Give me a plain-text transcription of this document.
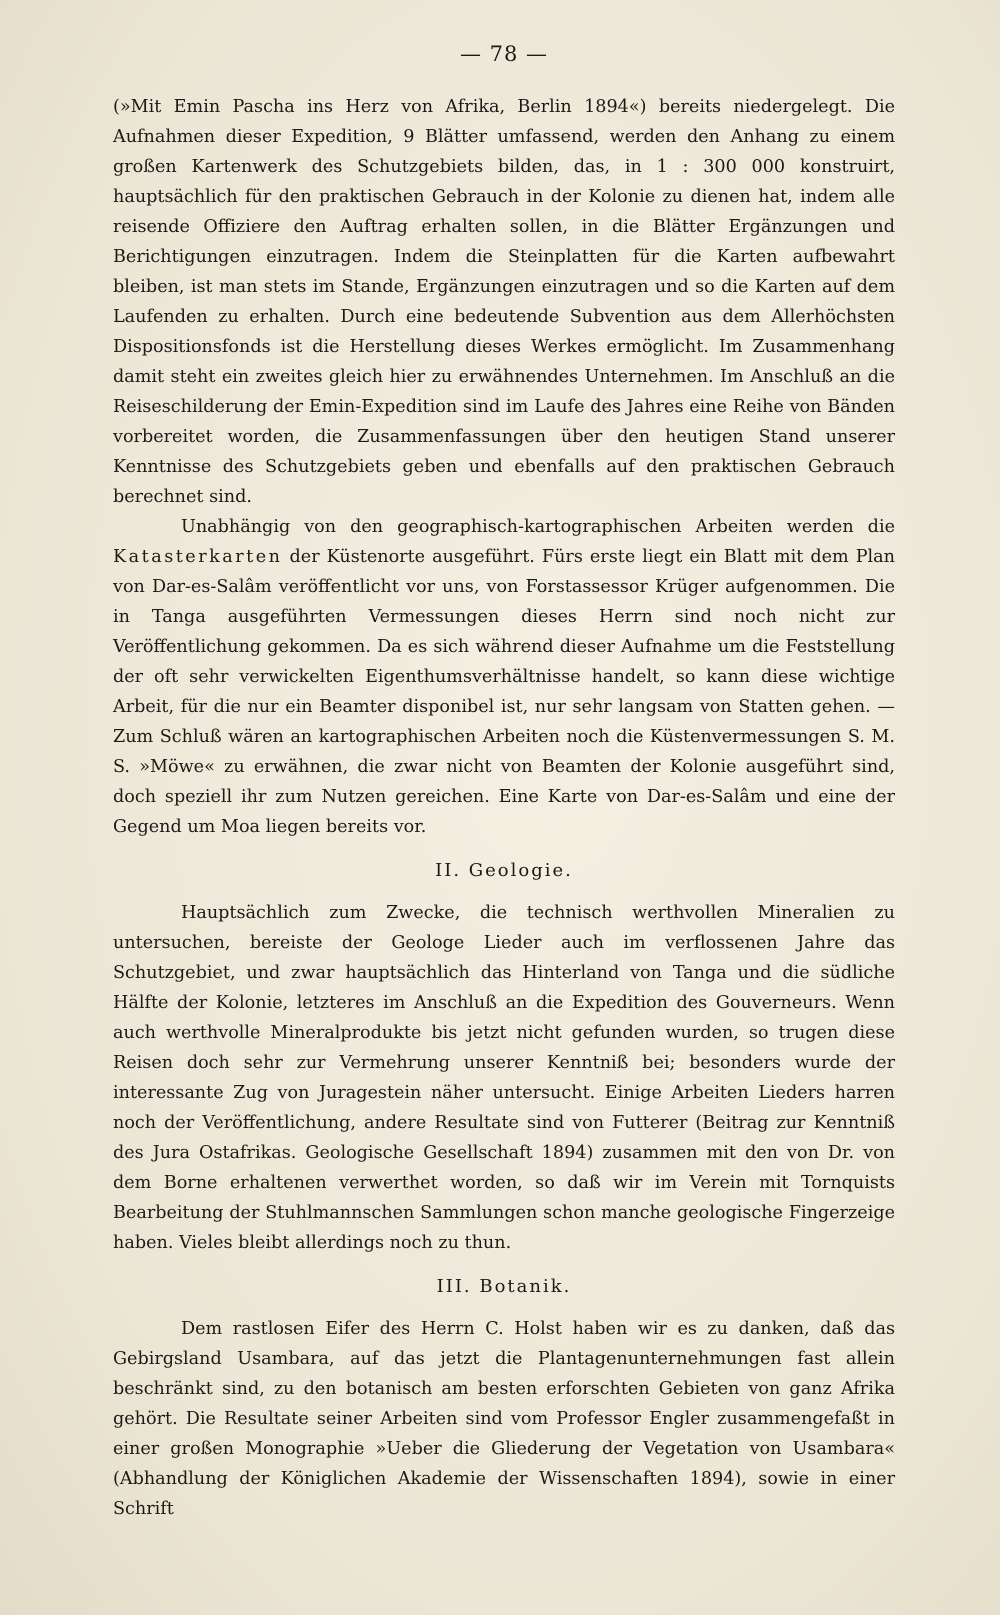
— 78 —

(»Mit Emin Pascha ins Herz von Afrika, Berlin 1894«) bereits niedergelegt. Die Aufnahmen dieser Expedition, 9 Blätter umfassend, werden den Anhang zu einem großen Kartenwerk des Schutzgebiets bilden, das, in 1 : 300 000 konstruirt, hauptsächlich für den praktischen Gebrauch in der Kolonie zu dienen hat, indem alle reisende Offiziere den Auftrag erhalten sollen, in die Blätter Ergänzungen und Berichtigungen einzutragen. Indem die Steinplatten für die Karten aufbewahrt bleiben, ist man stets im Stande, Ergänzungen einzutragen und so die Karten auf dem Laufenden zu erhalten. Durch eine bedeutende Subvention aus dem Allerhöchsten Dispositionsfonds ist die Herstellung dieses Werkes ermöglicht. Im Zusammenhang damit steht ein zweites gleich hier zu erwähnendes Unternehmen. Im Anschluß an die Reiseschilderung der Emin-Expedition sind im Laufe des Jahres eine Reihe von Bänden vorbereitet worden, die Zusammenfassungen über den heutigen Stand unserer Kenntnisse des Schutzgebiets geben und ebenfalls auf den praktischen Gebrauch berechnet sind.

Unabhängig von den geographisch-kartographischen Arbeiten werden die Katasterkarten der Küstenorte ausgeführt. Fürs erste liegt ein Blatt mit dem Plan von Dar-es-Salâm veröffentlicht vor uns, von Forstassessor Krüger aufgenommen. Die in Tanga ausgeführten Vermessungen dieses Herrn sind noch nicht zur Veröffentlichung gekommen. Da es sich während dieser Aufnahme um die Feststellung der oft sehr verwickelten Eigenthumsverhältnisse handelt, so kann diese wichtige Arbeit, für die nur ein Beamter disponibel ist, nur sehr langsam von Statten gehen. — Zum Schluß wären an kartographischen Arbeiten noch die Küstenvermessungen S. M. S. »Möwe« zu erwähnen, die zwar nicht von Beamten der Kolonie ausgeführt sind, doch speziell ihr zum Nutzen gereichen. Eine Karte von Dar-es-Salâm und eine der Gegend um Moa liegen bereits vor.

II. Geologie.

Hauptsächlich zum Zwecke, die technisch werthvollen Mineralien zu untersuchen, bereiste der Geologe Lieder auch im verflossenen Jahre das Schutzgebiet, und zwar hauptsächlich das Hinterland von Tanga und die südliche Hälfte der Kolonie, letzteres im Anschluß an die Expedition des Gouverneurs. Wenn auch werthvolle Mineralprodukte bis jetzt nicht gefunden wurden, so trugen diese Reisen doch sehr zur Vermehrung unserer Kenntniß bei; besonders wurde der interessante Zug von Juragestein näher untersucht. Einige Arbeiten Lieders harren noch der Veröffentlichung, andere Resultate sind von Futterer (Beitrag zur Kenntniß des Jura Ostafrikas. Geologische Gesellschaft 1894) zusammen mit den von Dr. von dem Borne erhaltenen verwerthet worden, so daß wir im Verein mit Tornquists Bearbeitung der Stuhlmannschen Sammlungen schon manche geologische Fingerzeige haben. Vieles bleibt allerdings noch zu thun.

III. Botanik.

Dem rastlosen Eifer des Herrn C. Holst haben wir es zu danken, daß das Gebirgsland Usambara, auf das jetzt die Plantagenunternehmungen fast allein beschränkt sind, zu den botanisch am besten erforschten Gebieten von ganz Afrika gehört. Die Resultate seiner Arbeiten sind vom Professor Engler zusammengefaßt in einer großen Monographie »Ueber die Gliederung der Vegetation von Usambara« (Abhandlung der Königlichen Akademie der Wissenschaften 1894), sowie in einer Schrift
